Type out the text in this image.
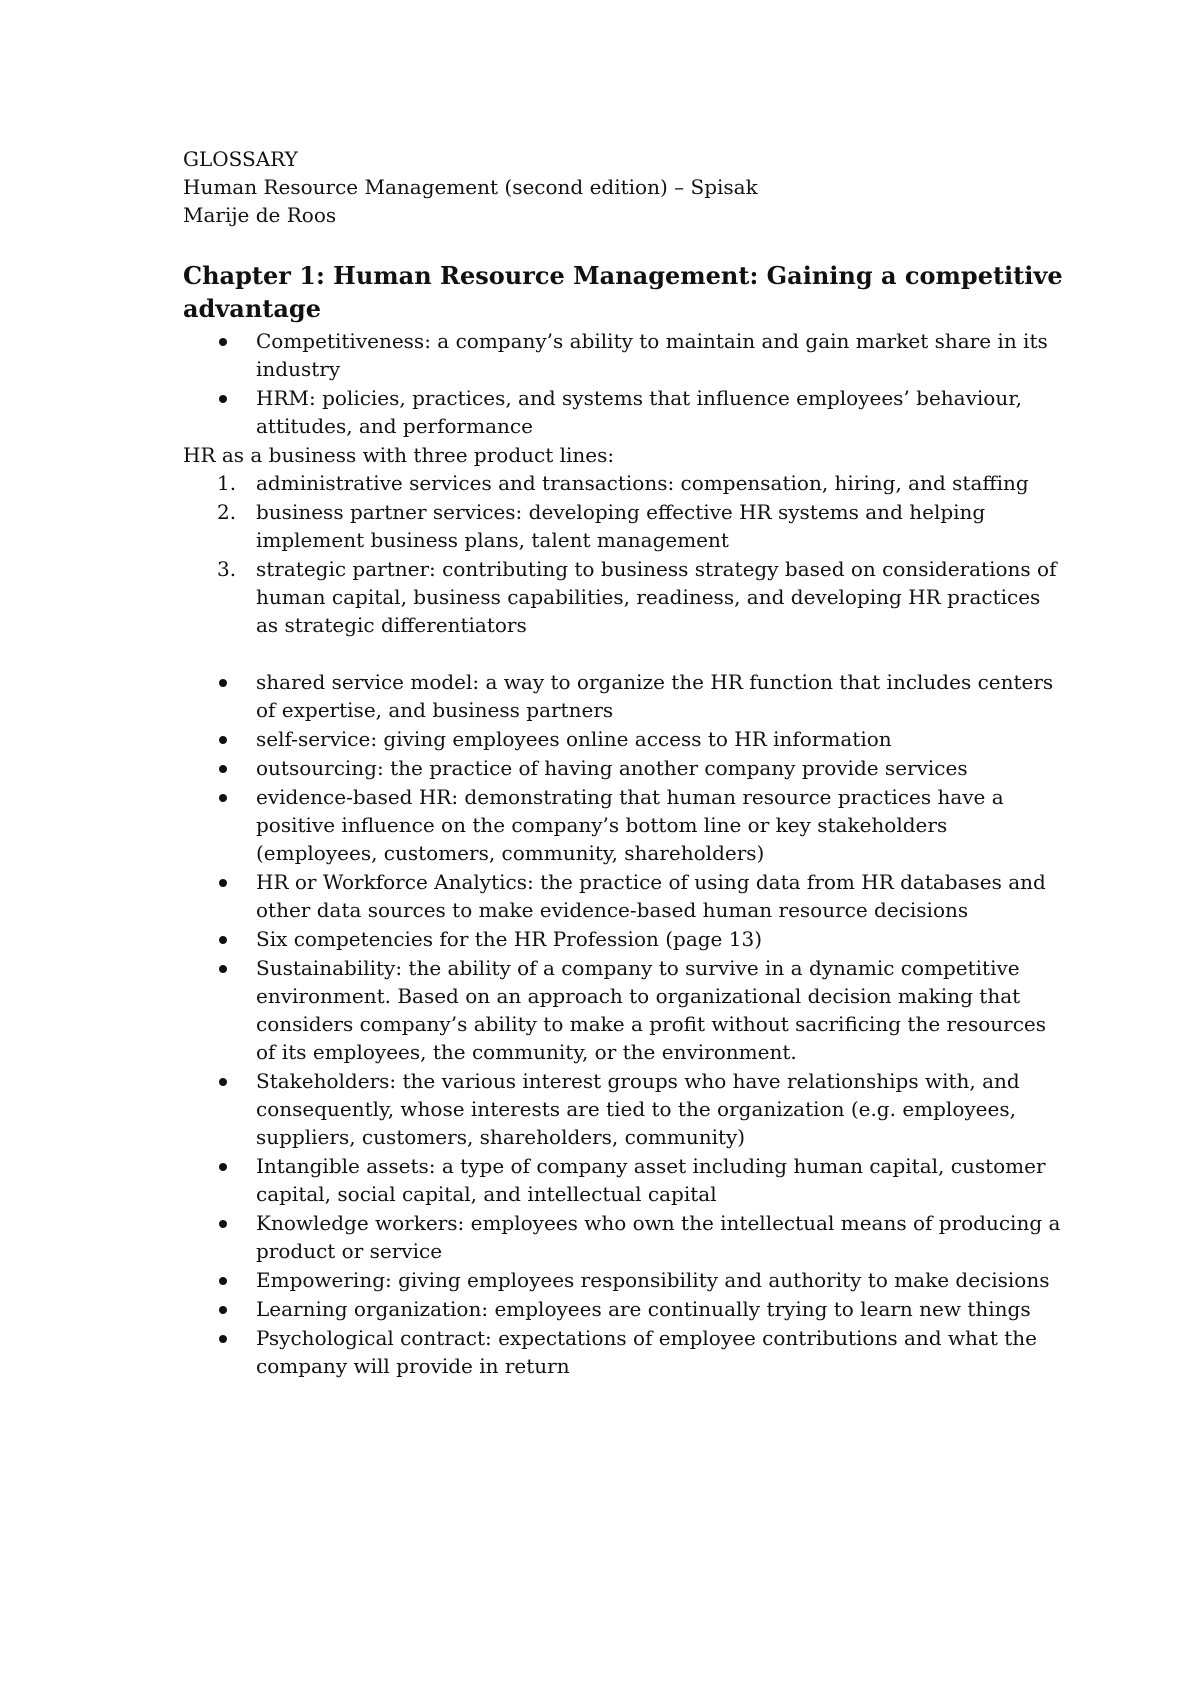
GLOSSARY

Human Resource Management (second edition) – Spisak

Marije de Roos

Chapter 1: Human Resource Management: Gaining a competitive advantage
Competitiveness: a company’s ability to maintain and gain market share in its industry
HRM: policies, practices, and systems that influence employees’ behaviour, attitudes, and performance

HR as a business with three product lines:

1. administrative services and transactions: compensation, hiring, and staffing
2. business partner services: developing effective HR systems and helping implement business plans, talent management
3. strategic partner: contributing to business strategy based on considerations of human capital, business capabilities, readiness, and developing HR practices as strategic differentiators
shared service model: a way to organize the HR function that includes centers of expertise, and business partners
self-service: giving employees online access to HR information
outsourcing: the practice of having another company provide services
evidence-based HR: demonstrating that human resource practices have a positive influence on the company’s bottom line or key stakeholders (employees, customers, community, shareholders)
HR or Workforce Analytics: the practice of using data from HR databases and other data sources to make evidence-based human resource decisions
Six competencies for the HR Profession (page 13)
Sustainability: the ability of a company to survive in a dynamic competitive environment. Based on an approach to organizational decision making that considers company’s ability to make a profit without sacrificing the resources of its employees, the community, or the environment.
Stakeholders: the various interest groups who have relationships with, and consequently, whose interests are tied to the organization (e.g. employees, suppliers, customers, shareholders, community)
Intangible assets: a type of company asset including human capital, customer capital, social capital, and intellectual capital
Knowledge workers: employees who own the intellectual means of producing a product or service
Empowering: giving employees responsibility and authority to make decisions
Learning organization: employees are continually trying to learn new things
Psychological contract: expectations of employee contributions and what the company will provide in return
